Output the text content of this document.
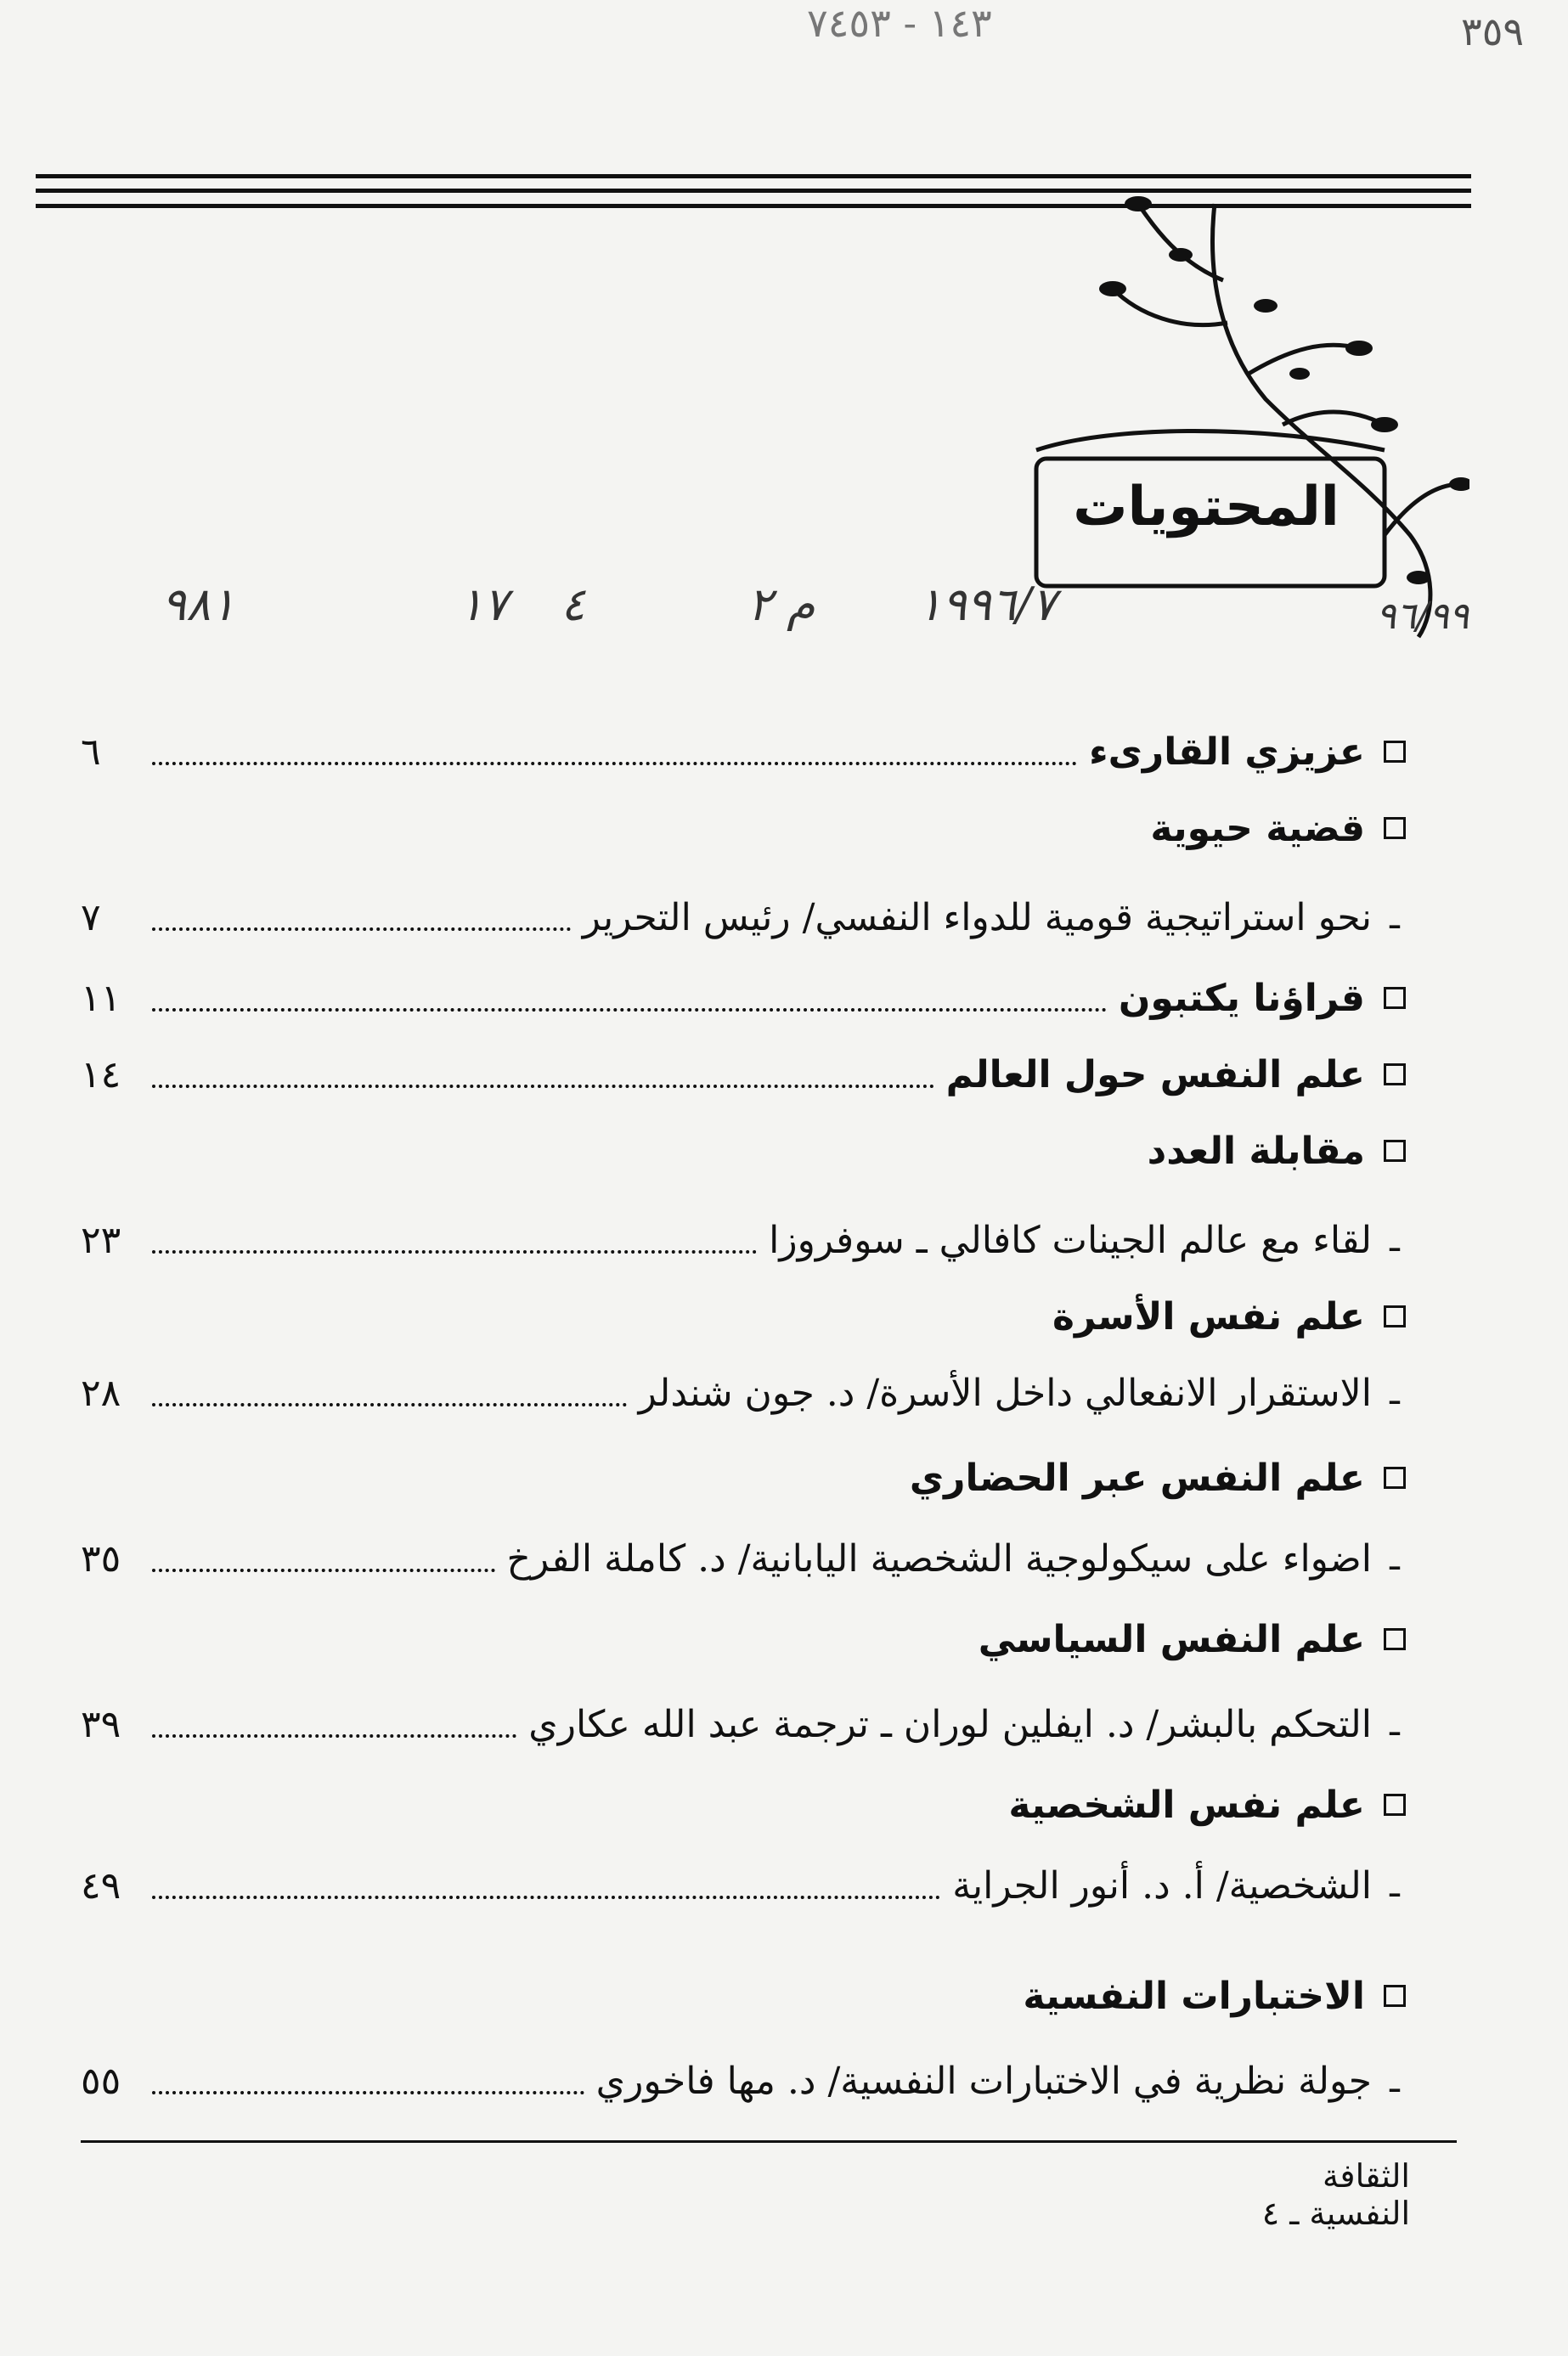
١٤٣ - ٧٤٥٣	٣٥٩
المحتويات
١٩٩٦/٧
م ٢
٤
١٧
٩٨١	٩٦/٩٩
عزيزي القارىء
٦
قضية حيوية
ـ
نحو استراتيجية قومية للدواء النفسي/ رئيس التحرير
٧
قراؤنا يكتبون
١١
علم النفس حول العالم
١٤
مقابلة العدد
ـ
لقاء مع عالم الجينات كافالي ـ سوفروزا
٢٣
علم نفس الأسرة
ـ
الاستقرار الانفعالي داخل الأسرة/ د. جون شندلر
٢٨
علم النفس عبر الحضاري
ـ
اضواء على سيكولوجية الشخصية اليابانية/ د. كاملة الفرخ
٣٥
علم النفس السياسي
ـ
التحكم بالبشر/ د. ايفلين لوران ـ ترجمة عبد الله عكاري
٣٩
علم نفس الشخصية
ـ
الشخصية/ أ. د. أنور الجراية
٤٩
الاختبارات النفسية
ـ
جولة نظرية في الاختبارات النفسية/ د. مها فاخوري
٥٥
الثقافة النفسية ـ ٤
